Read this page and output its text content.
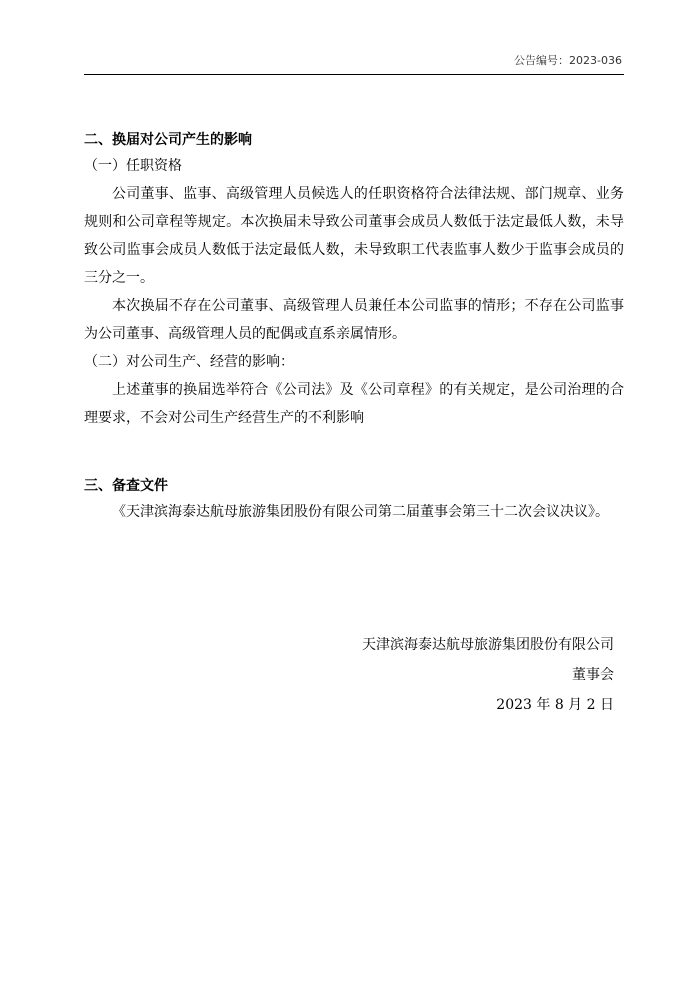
公告编号：2023-036
二、换届对公司产生的影响
（一）任职资格

公司董事、监事、高级管理人员候选人的任职资格符合法律法规、部门规章、业务规则和公司章程等规定。本次换届未导致公司董事会成员人数低于法定最低人数，未导致公司监事会成员人数低于法定最低人数，未导致职工代表监事人数少于监事会成员的三分之一。

本次换届不存在公司董事、高级管理人员兼任本公司监事的情形；不存在公司监事为公司董事、高级管理人员的配偶或直系亲属情形。

（二）对公司生产、经营的影响：

上述董事的换届选举符合《公司法》及《公司章程》的有关规定，是公司治理的合理要求，不会对公司生产经营生产的不利影响

三、备查文件

《天津滨海泰达航母旅游集团股份有限公司第二届董事会第三十二次会议决议》。

天津滨海泰达航母旅游集团股份有限公司
董事会
2023 年 8 月 2 日
